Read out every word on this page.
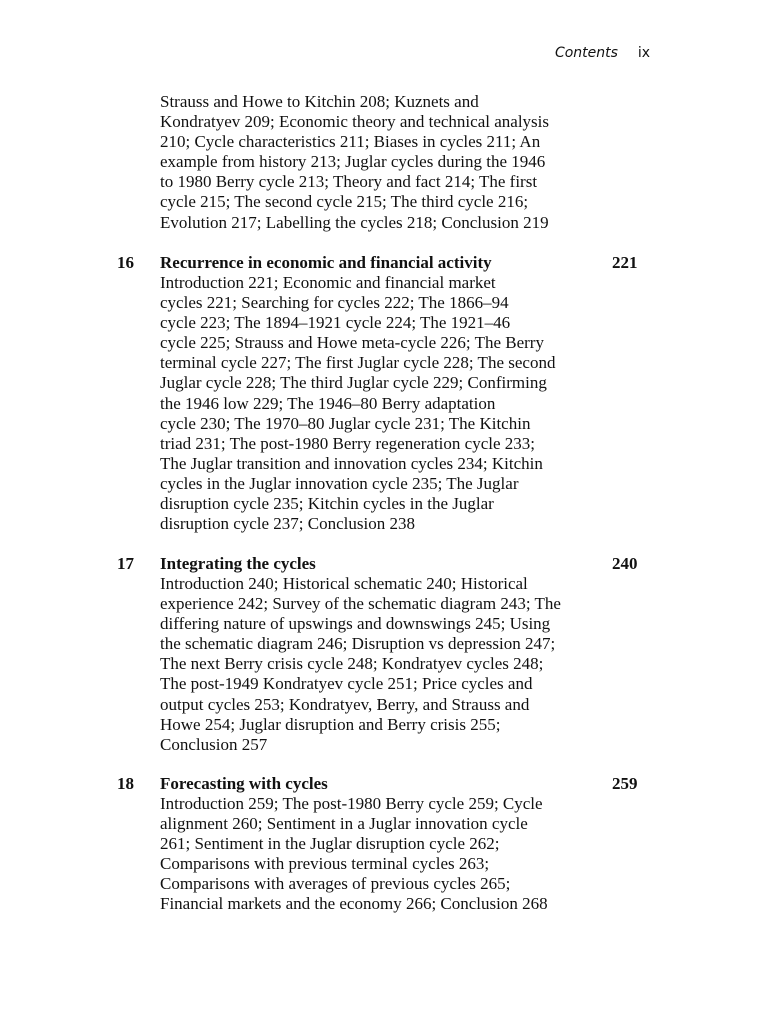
Contents ix
Strauss and Howe to Kitchin 208; Kuznets and
Kondratyev 209; Economic theory and technical analysis
210; Cycle characteristics 211; Biases in cycles 211; An
example from history 213; Juglar cycles during the 1946
to 1980 Berry cycle 213; Theory and fact 214; The first
cycle 215; The second cycle 215; The third cycle 216;
Evolution 217; Labelling the cycles 218; Conclusion 219
16 Recurrence in economic and financial activity	221
Introduction 221; Economic and financial market
cycles 221; Searching for cycles 222; The 1866–94
cycle 223; The 1894–1921 cycle 224; The 1921–46
cycle 225; Strauss and Howe meta-cycle 226; The Berry
terminal cycle 227; The first Juglar cycle 228; The second
Juglar cycle 228; The third Juglar cycle 229; Confirming
the 1946 low 229; The 1946–80 Berry adaptation
cycle 230; The 1970–80 Juglar cycle 231; The Kitchin
triad 231; The post-1980 Berry regeneration cycle 233;
The Juglar transition and innovation cycles 234; Kitchin
cycles in the Juglar innovation cycle 235; The Juglar
disruption cycle 235; Kitchin cycles in the Juglar
disruption cycle 237; Conclusion 238
17 Integrating the cycles	240
Introduction 240; Historical schematic 240; Historical
experience 242; Survey of the schematic diagram 243; The
differing nature of upswings and downswings 245; Using
the schematic diagram 246; Disruption vs depression 247;
The next Berry crisis cycle 248; Kondratyev cycles 248;
The post-1949 Kondratyev cycle 251; Price cycles and
output cycles 253; Kondratyev, Berry, and Strauss and
Howe 254; Juglar disruption and Berry crisis 255;
Conclusion 257
18 Forecasting with cycles	259
Introduction 259; The post-1980 Berry cycle 259; Cycle
alignment 260; Sentiment in a Juglar innovation cycle
261; Sentiment in the Juglar disruption cycle 262;
Comparisons with previous terminal cycles 263;
Comparisons with averages of previous cycles 265;
Financial markets and the economy 266; Conclusion 268
